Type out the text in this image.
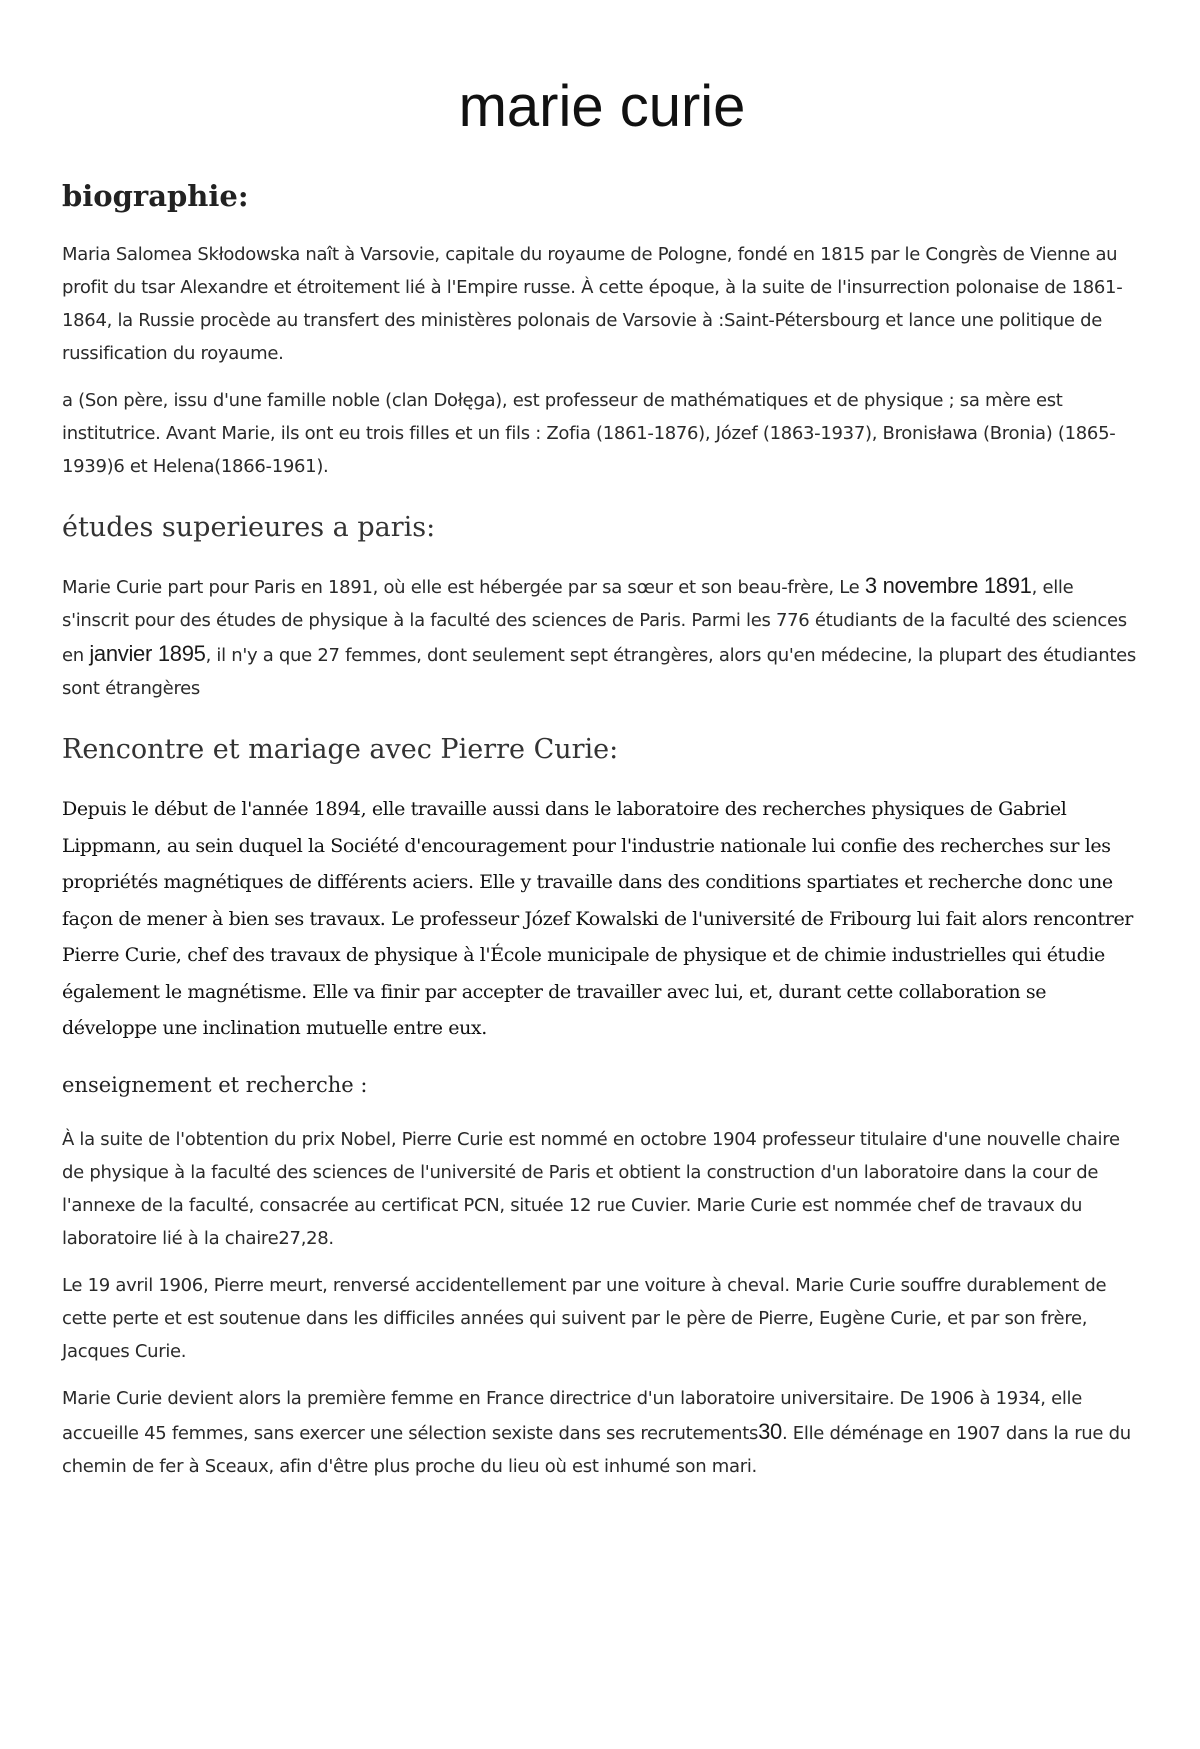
marie curie
biographie:

Maria Salomea Skłodowska naît à Varsovie, capitale du royaume de Pologne, fondé en 1815 par le Congrès de Vienne au profit du tsar Alexandre et étroitement lié à l'Empire russe. À cette époque, à la suite de l'insurrection polonaise de 1861-1864, la Russie procède au transfert des ministères polonais de Varsovie à :Saint-Pétersbourg et lance une politique de russification du royaume.

a (Son père, issu d'une famille noble (clan Dołęga), est professeur de mathématiques et de physique ; sa mère est institutrice. Avant Marie, ils ont eu trois filles et un fils : Zofia (1861-1876), Józef (1863-1937), Bronisława (Bronia) (1865-1939)6 et Helena(1866-1961).

études superieures a paris:

Marie Curie part pour Paris en 1891, où elle est hébergée par sa sœur et son beau-frère, Le 3 novembre 1891, elle s'inscrit pour des études de physique à la faculté des sciences de Paris. Parmi les 776 étudiants de la faculté des sciences en janvier 1895, il n'y a que 27 femmes, dont seulement sept étrangères, alors qu'en médecine, la plupart des étudiantes sont étrangères

Rencontre et mariage avec Pierre Curie:

Depuis le début de l'année 1894, elle travaille aussi dans le laboratoire des recherches physiques de Gabriel Lippmann, au sein duquel la Société d'encouragement pour l'industrie nationale lui confie des recherches sur les propriétés magnétiques de différents aciers. Elle y travaille dans des conditions spartiates et recherche donc une façon de mener à bien ses travaux. Le professeur Józef Kowalski de l'université de Fribourg lui fait alors rencontrer Pierre Curie, chef des travaux de physique à l'École municipale de physique et de chimie industrielles qui étudie également le magnétisme. Elle va finir par accepter de travailler avec lui, et, durant cette collaboration se développe une inclination mutuelle entre eux.

enseignement et recherche :

À la suite de l'obtention du prix Nobel, Pierre Curie est nommé en octobre 1904 professeur titulaire d'une nouvelle chaire de physique à la faculté des sciences de l'université de Paris et obtient la construction d'un laboratoire dans la cour de l'annexe de la faculté, consacrée au certificat PCN, située 12 rue Cuvier. Marie Curie est nommée chef de travaux du laboratoire lié à la chaire27,28.

Le 19 avril 1906, Pierre meurt, renversé accidentellement par une voiture à cheval. Marie Curie souffre durablement de cette perte et est soutenue dans les difficiles années qui suivent par le père de Pierre, Eugène Curie, et par son frère, Jacques Curie.

Marie Curie devient alors la première femme en France directrice d'un laboratoire universitaire. De 1906 à 1934, elle accueille 45 femmes, sans exercer une sélection sexiste dans ses recrutements30. Elle déménage en 1907 dans la rue du chemin de fer à Sceaux, afin d'être plus proche du lieu où est inhumé son mari.
